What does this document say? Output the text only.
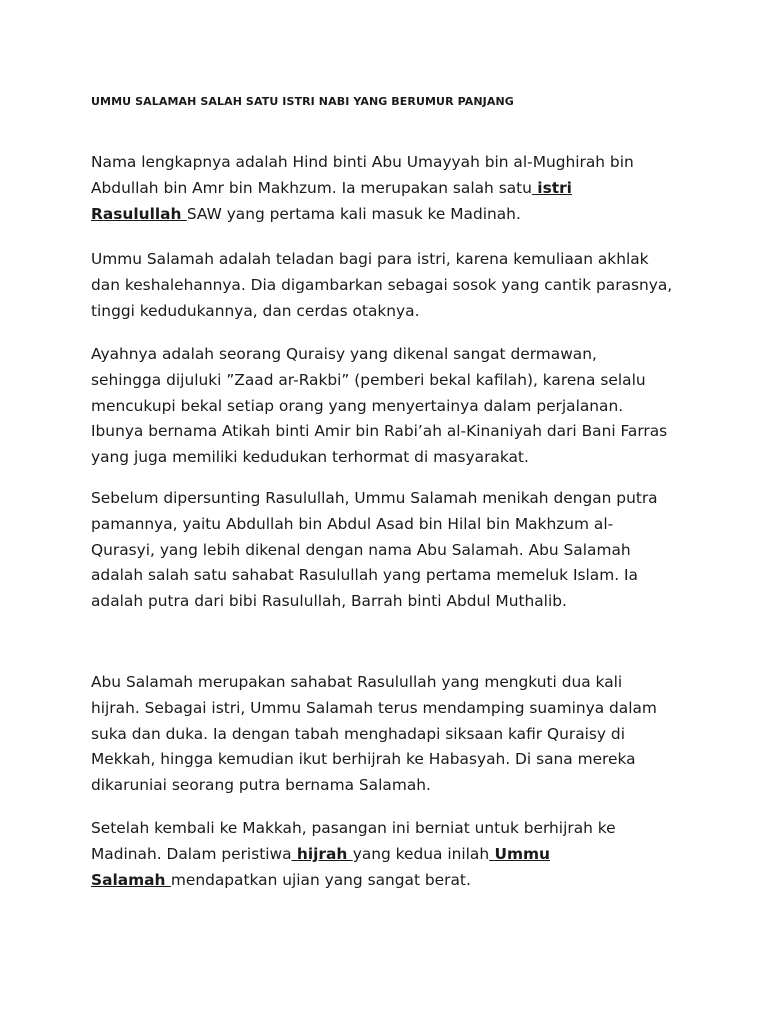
UMMU SALAMAH SALAH SATU ISTRI NABI YANG BERUMUR PANJANG

Nama lengkapnya adalah Hind binti Abu Umayyah bin al-Mughirah bin
Abdullah bin Amr bin Makhzum. Ia merupakan salah satu istri
Rasulullah SAW yang pertama kali masuk ke Madinah.

Ummu Salamah adalah teladan bagi para istri, karena kemuliaan akhlak
dan keshalehannya. Dia digambarkan sebagai sosok yang cantik parasnya,
tinggi kedudukannya, dan cerdas otaknya.

Ayahnya adalah seorang Quraisy yang dikenal sangat dermawan,
sehingga dijuluki ”Zaad ar-Rakbi” (pemberi bekal kafilah), karena selalu
mencukupi bekal setiap orang yang menyertainya dalam perjalanan.
Ibunya bernama Atikah binti Amir bin Rabi’ah al-Kinaniyah dari Bani Farras
yang juga memiliki kedudukan terhormat di masyarakat.

Sebelum dipersunting Rasulullah, Ummu Salamah menikah dengan putra
pamannya, yaitu Abdullah bin Abdul Asad bin Hilal bin Makhzum al-
Qurasyi, yang lebih dikenal dengan nama Abu Salamah. Abu Salamah
adalah salah satu sahabat Rasulullah yang pertama memeluk Islam. Ia
adalah putra dari bibi Rasulullah, Barrah binti Abdul Muthalib.

Abu Salamah merupakan sahabat Rasulullah yang mengkuti dua kali
hijrah. Sebagai istri, Ummu Salamah terus mendamping suaminya dalam
suka dan duka. Ia dengan tabah menghadapi siksaan kafir Quraisy di
Mekkah, hingga kemudian ikut berhijrah ke Habasyah. Di sana mereka
dikaruniai seorang putra bernama Salamah.

Setelah kembali ke Makkah, pasangan ini berniat untuk berhijrah ke
Madinah. Dalam peristiwa hijrah yang kedua inilah Ummu
Salamah mendapatkan ujian yang sangat berat.
